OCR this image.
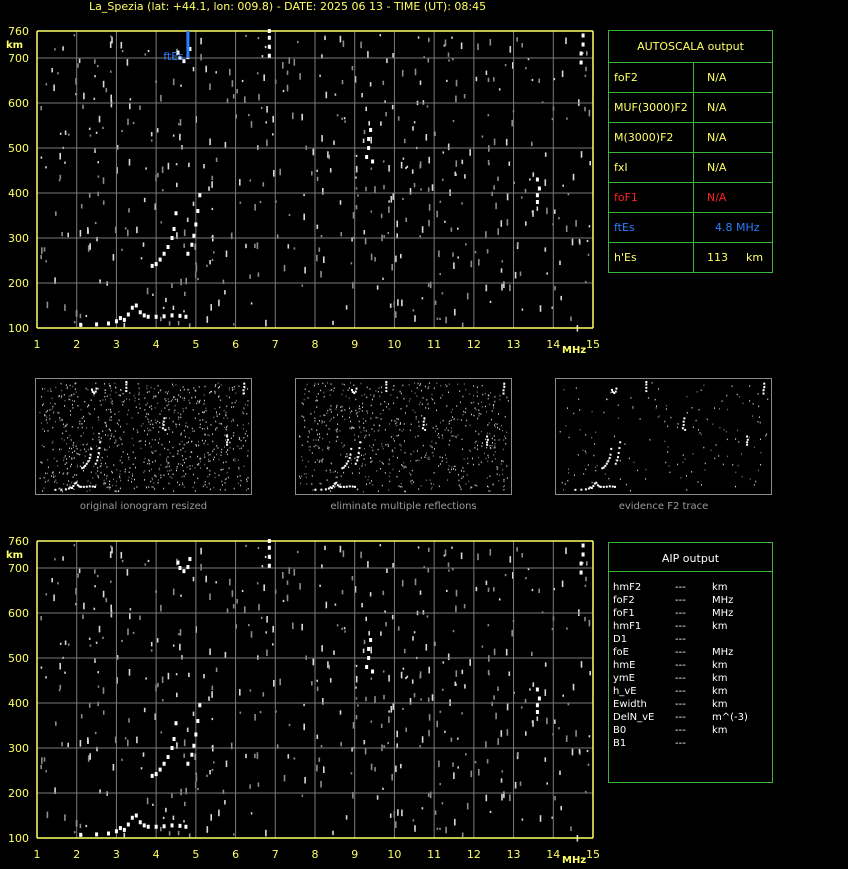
La_Spezia (lat: +44.1, lon: 009.8) - DATE: 2025 06 13 - TIME (UT): 08:45
100
200
300
400
500
600
700
760
km
1	2	3	4	5	6	7	8	9	10 11 12 13 14 15
MHz
ftEs
original ionogram resized	eliminate multiple reflections	evidence F2 trace
100
200
300
400
500
600
700
760
km
1	2	3	4	5	6	7	8	9	10 11 12 13 14 15
MHz
AUTOSCALA output
foF2	N/A
MUF(3000)F2 N/A
M(3000)F2	N/A
fxI	N/A
foF1	N/A
ftEs	4.8 MHz
h'Es	113 km
AIP output
hmF2	---	km
foF2	---	MHz
foF1	---	MHz
hmF1	---	km
D1	---
foE	---	MHz
hmE	---	km
ymE	---	km
h_vE	---	km
Ewidth	---	km
DelN_vE ---	m^(-3)
B0	---	km
B1	---
